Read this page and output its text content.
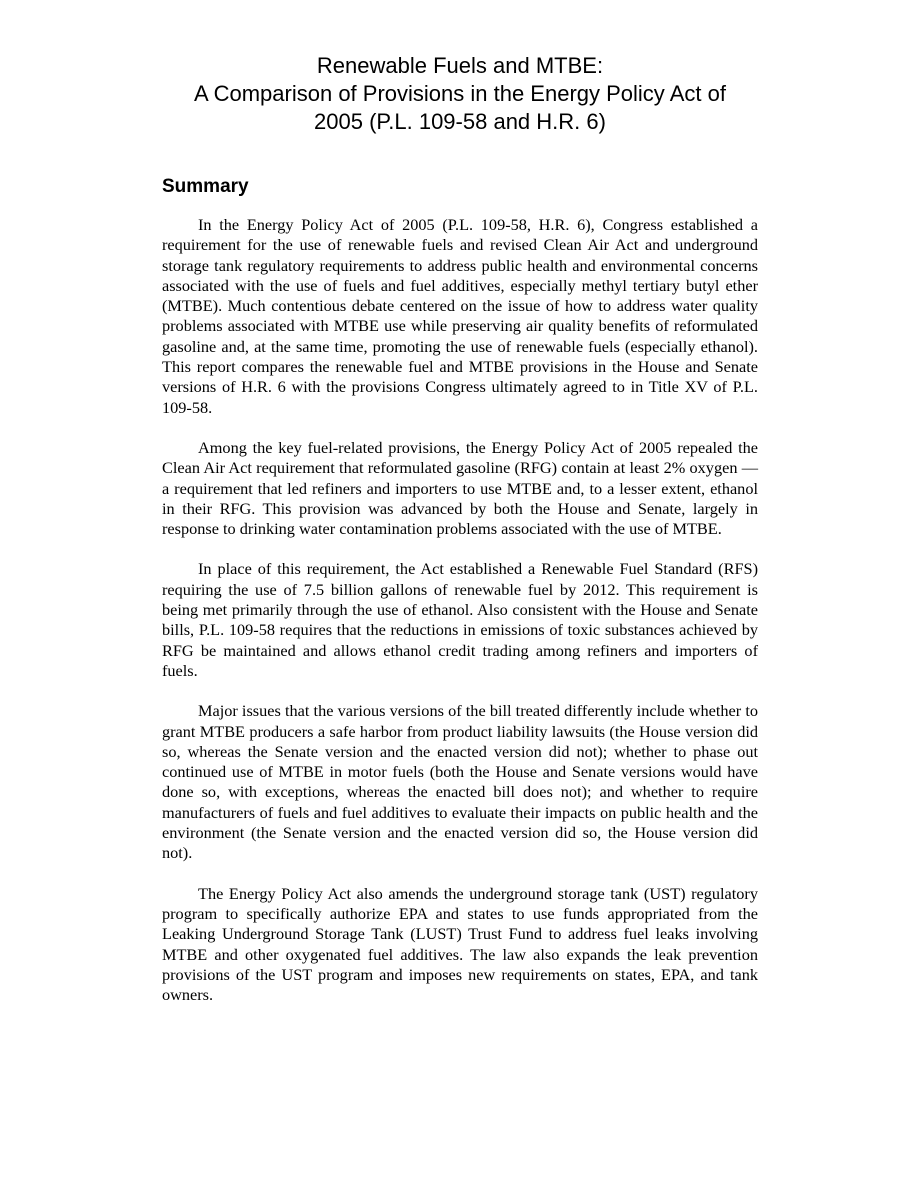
Renewable Fuels and MTBE:
A Comparison of Provisions in the Energy Policy Act of
2005 (P.L. 109-58 and H.R. 6)
Summary

In the Energy Policy Act of 2005 (P.L. 109-58, H.R. 6), Congress established a requirement for the use of renewable fuels and revised Clean Air Act and underground storage tank regulatory requirements to address public health and environmental concerns associated with the use of fuels and fuel additives, especially methyl tertiary butyl ether (MTBE). Much contentious debate centered on the issue of how to address water quality problems associated with MTBE use while preserving air quality benefits of reformulated gasoline and, at the same time, promoting the use of renewable fuels (especially ethanol). This report compares the renewable fuel and MTBE provisions in the House and Senate versions of H.R. 6 with the provisions Congress ultimately agreed to in Title XV of P.L. 109-58.

Among the key fuel-related provisions, the Energy Policy Act of 2005 repealed the Clean Air Act requirement that reformulated gasoline (RFG) contain at least 2% oxygen — a requirement that led refiners and importers to use MTBE and, to a lesser extent, ethanol in their RFG. This provision was advanced by both the House and Senate, largely in response to drinking water contamination problems associated with the use of MTBE.

In place of this requirement, the Act established a Renewable Fuel Standard (RFS) requiring the use of 7.5 billion gallons of renewable fuel by 2012. This requirement is being met primarily through the use of ethanol. Also consistent with the House and Senate bills, P.L. 109-58 requires that the reductions in emissions of toxic substances achieved by RFG be maintained and allows ethanol credit trading among refiners and importers of fuels.

Major issues that the various versions of the bill treated differently include whether to grant MTBE producers a safe harbor from product liability lawsuits (the House version did so, whereas the Senate version and the enacted version did not); whether to phase out continued use of MTBE in motor fuels (both the House and Senate versions would have done so, with exceptions, whereas the enacted bill does not); and whether to require manufacturers of fuels and fuel additives to evaluate their impacts on public health and the environment (the Senate version and the enacted version did so, the House version did not).

The Energy Policy Act also amends the underground storage tank (UST) regulatory program to specifically authorize EPA and states to use funds appropriated from the Leaking Underground Storage Tank (LUST) Trust Fund to address fuel leaks involving MTBE and other oxygenated fuel additives. The law also expands the leak prevention provisions of the UST program and imposes new requirements on states, EPA, and tank owners.
